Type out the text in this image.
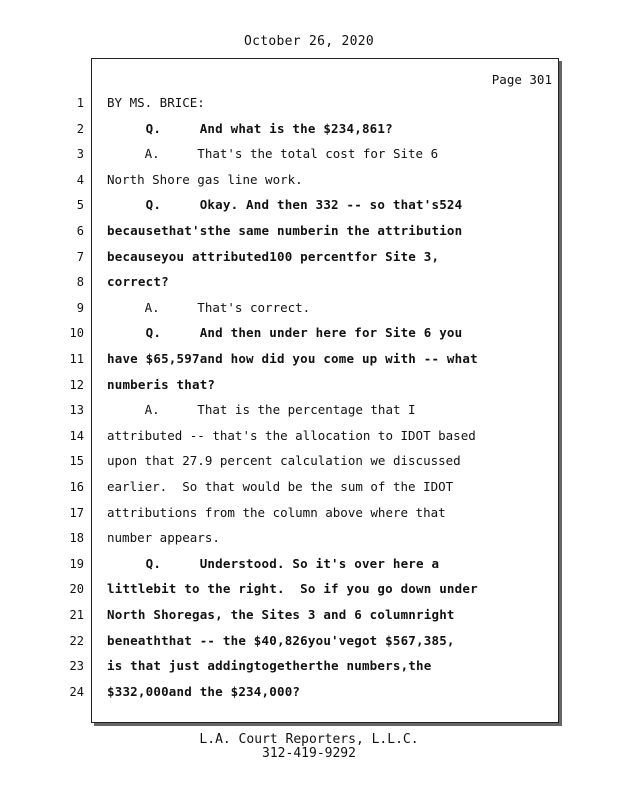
October 26, 2020
Page 301
1 BY MS. BRICE:
2 Q.     And what is the $234,861?
3 A.     That's the total cost for Site 6
4 North Shore gas line work.
5 Q.     Okay. And then 332 -- so that's524
6 becausethat'sthe same numberin the attribution
7 becauseyou attributed100 percentfor Site 3,
8 correct?
9 A.     That's correct.
10 Q.     And then under here for Site 6 you
11 have $65,597and how did you come up with -- what
12 numberis that?
13 A.     That is the percentage that I
14 attributed -- that's the allocation to IDOT based
15 upon that 27.9 percent calculation we discussed
16 earlier.  So that would be the sum of the IDOT
17 attributions from the column above where that
18 number appears.
19 Q.     Understood. So it's over here a
20 littlebit to the right.  So if you go down under
21 North Shoregas, the Sites 3 and 6 columnright
22 beneaththat -- the $40,826you'vegot $567,385,
23 is that just addingtogetherthe numbers,the
24 $332,000and the $234,000?
L.A. Court Reporters, L.L.C.
312-419-9292
